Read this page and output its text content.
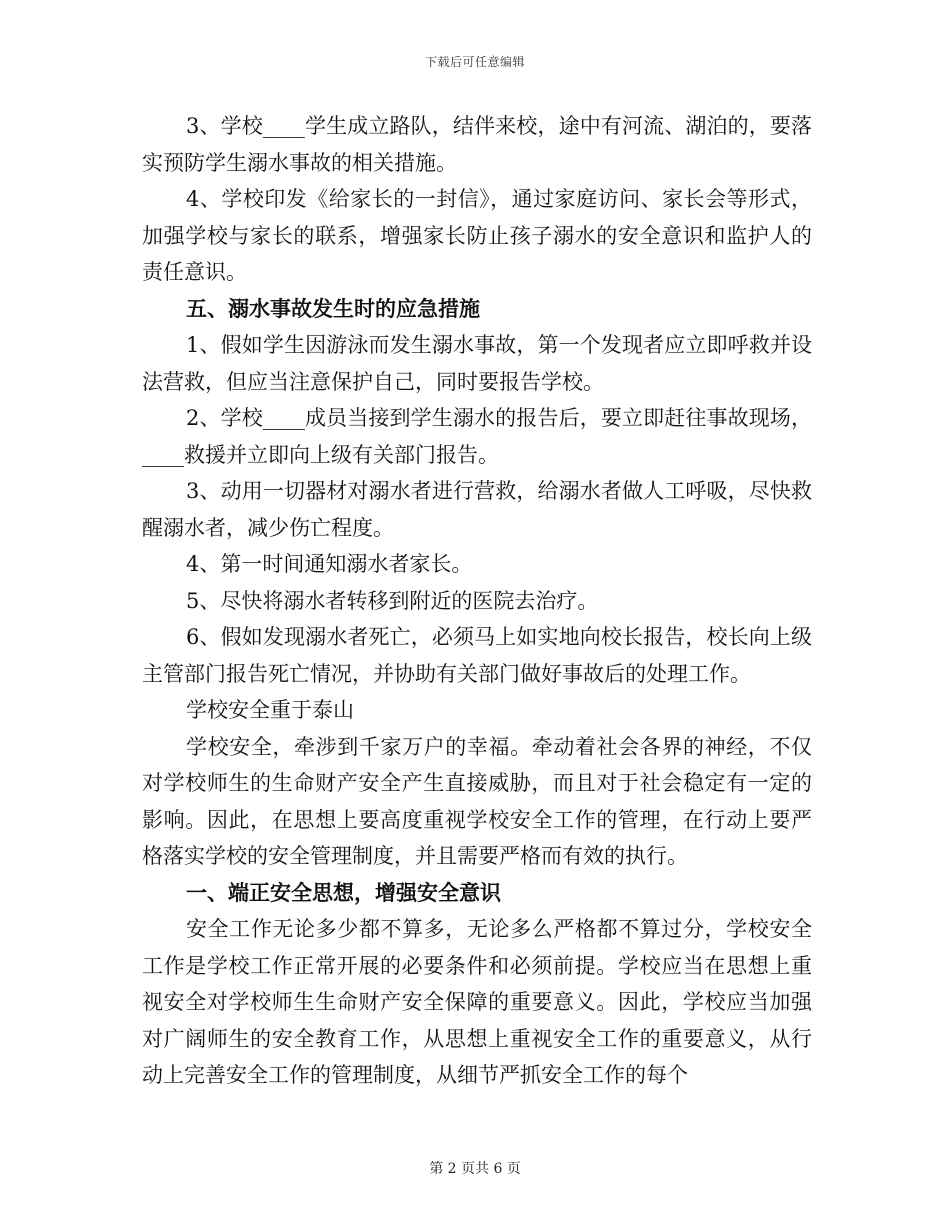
下载后可任意编辑

3、学校____学生成立路队，结伴来校，途中有河流、湖泊的，要落实预防学生溺水事故的相关措施。

4、学校印发《给家长的一封信》，通过家庭访问、家长会等形式，加强学校与家长的联系，增强家长防止孩子溺水的安全意识和监护人的责任意识。

五、溺水事故发生时的应急措施

1、假如学生因游泳而发生溺水事故，第一个发现者应立即呼救并设法营救，但应当注意保护自己，同时要报告学校。

2、学校____成员当接到学生溺水的报告后，要立即赶往事故现场，____救援并立即向上级有关部门报告。

3、动用一切器材对溺水者进行营救，给溺水者做人工呼吸，尽快救醒溺水者，减少伤亡程度。

4、第一时间通知溺水者家长。

5、尽快将溺水者转移到附近的医院去治疗。

6、假如发现溺水者死亡，必须马上如实地向校长报告，校长向上级主管部门报告死亡情况，并协助有关部门做好事故后的处理工作。

学校安全重于泰山

学校安全，牵涉到千家万户的幸福。牵动着社会各界的神经，不仅对学校师生的生命财产安全产生直接威胁，而且对于社会稳定有一定的影响。因此，在思想上要高度重视学校安全工作的管理，在行动上要严格落实学校的安全管理制度，并且需要严格而有效的执行。

一、端正安全思想，增强安全意识

安全工作无论多少都不算多，无论多么严格都不算过分，学校安全工作是学校工作正常开展的必要条件和必须前提。学校应当在思想上重视安全对学校师生生命财产安全保障的重要意义。因此，学校应当加强对广阔师生的安全教育工作，从思想上重视安全工作的重要意义，从行动上完善安全工作的管理制度，从细节严抓安全工作的每个

第 2 页共 6 页
